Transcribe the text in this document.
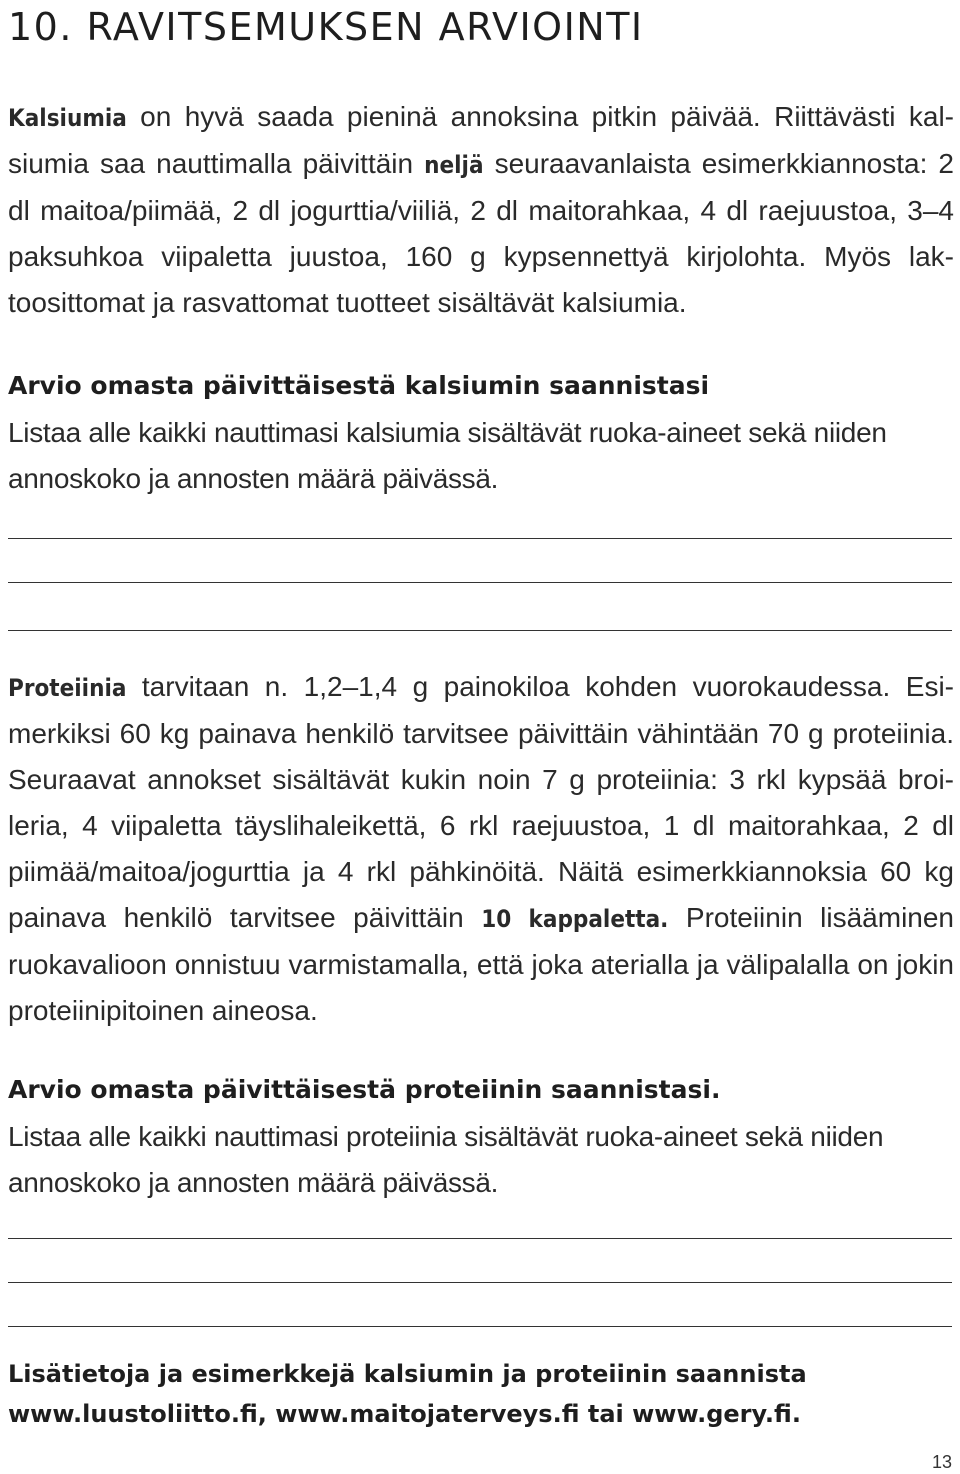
10. RAVITSEMUKSEN ARVIOINTI
Kalsiumia on hyvä saada pieninä annoksina pitkin päivää. Riittävästi kalsiumia saa nauttimalla päivittäin neljä seuraavanlaista esimerkkiannosta: 2 dl maitoa/piimää, 2 dl jogurttia/viiliä, 2 dl maitorahkaa, 4 dl raejuustoa, 3–4 paksuhkoa viipaletta juustoa, 160 g kypsennettyä kirjolohta. Myös laktoosittomat ja rasvattomat tuotteet sisältävät kalsiumia.
Arvio omasta päivittäisestä kalsiumin saannistasi
Listaa alle kaikki nauttimasi kalsiumia sisältävät ruoka-aineet sekä niiden annoskoko ja annosten määrä päivässä.
Proteiinia tarvitaan n. 1,2–1,4 g painokiloa kohden vuorokaudessa. Esimerkiksi 60 kg painava henkilö tarvitsee päivittäin vähintään 70 g proteiinia. Seuraavat annokset sisältävät kukin noin 7 g proteiinia: 3 rkl kypsää broileria, 4 viipaletta täyslihaleikettä, 6 rkl raejuustoa, 1 dl maitorahkaa, 2 dl piimää/maitoa/jogurttia ja 4 rkl pähkinöitä. Näitä esimerkkiannoksia 60 kg painava henkilö tarvitsee päivittäin 10 kappaletta. Proteiinin lisääminen ruokavalioon onnistuu varmistamalla, että joka aterialla ja välipalalla on jokin proteiinipitoinen aineosa.
Arvio omasta päivittäisestä proteiinin saannistasi.
Listaa alle kaikki nauttimasi proteiinia sisältävät ruoka-aineet sekä niiden annoskoko ja annosten määrä päivässä.
Lisätietoja ja esimerkkejä kalsiumin ja proteiinin saannista
www.luustoliitto.fi, www.maitojaterveys.fi tai www.gery.fi.
13
